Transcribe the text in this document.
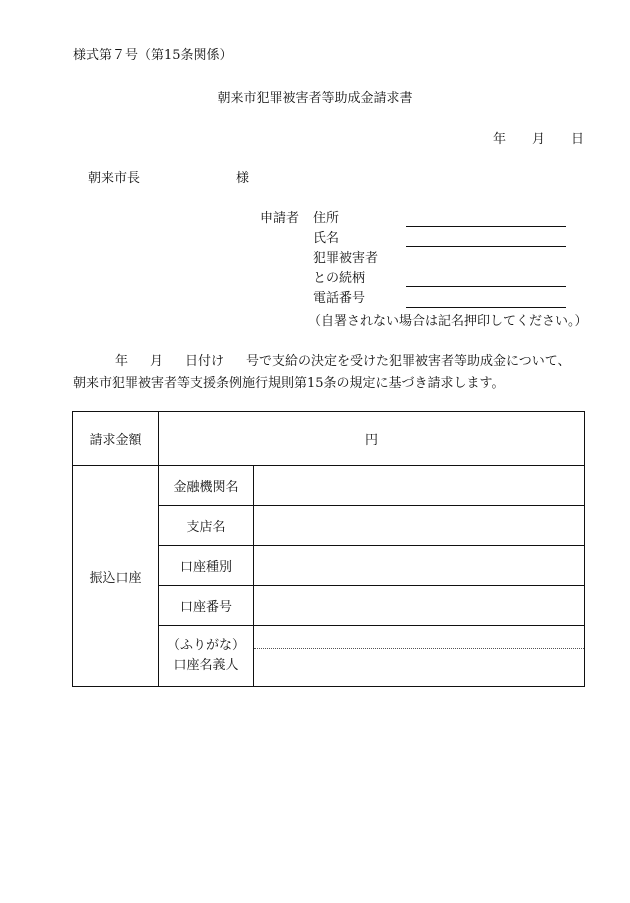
様式第７号（第15条関係）
朝来市犯罪被害者等助成金請求書
年 月 日
朝来市長	様
申請者 住所
氏名
犯罪被害者
との続柄
電話番号
（自署されない場合は記名押印してください。）
年 月 日付け 号で支給の決定を受けた犯罪被害者等助成金について、
朝来市犯罪被害者等支援条例施行規則第15条の規定に基づき請求します。
請求金額	円	

振込口座	金融機関名	
	支店名	
	口座種別	
	口座番号	

	（ふりがな）
口座名義人	
